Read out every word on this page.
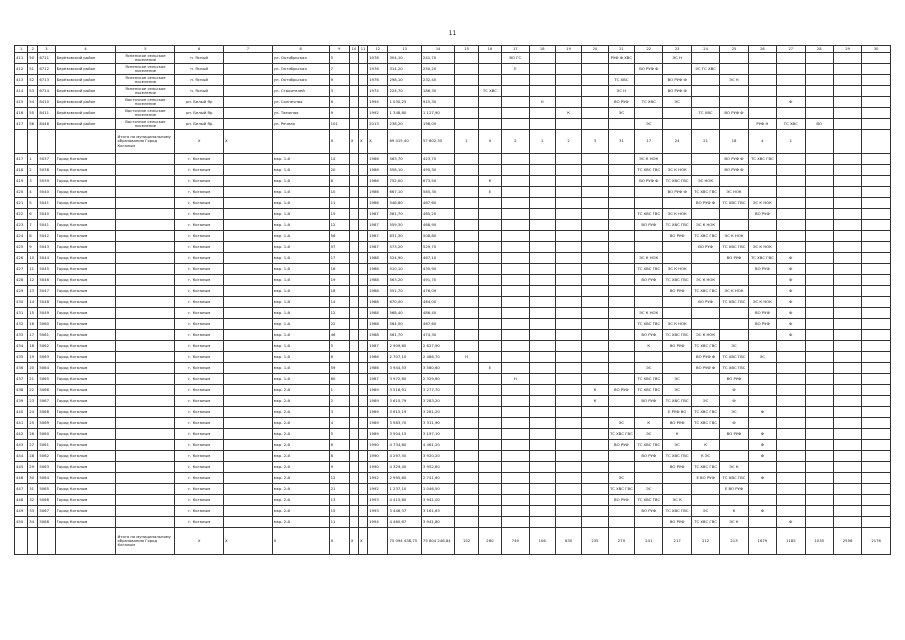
11
1	2	3	4	5	6	7	8	9	10	11	12	13	14	15	16	17	18	19	20	21	22	23	24	25	26	27	28	29	30
411	50	6711	Берёзовский район	Ясненское сельское поселение	п. Ясный		ул. Октябрьская	5			1976	304,10	241,70			ВО ГС				РУФ Ф ХВС		ЭС Н							
412	51	6712	Берёзовский район	Ясненское сельское поселение	п. Ясный		ул. Октябрьская	7			1976	314,20	250,20			Е					ВО РУФ Ф		ЭС ГС ХВС						
413	52	6713	Берёзовский район	Ясненское сельское поселение	п. Ясный		ул. Октябрьская	9			1976	298,10	232,40							ТС ХВС		ВО РУФ Ф		ЭС Н					
414	53	6714	Берёзовский район	Ясненское сельское поселение	п. Ясный		ул. Строителей	3			1974	224,70	186,30		ТС ХВС					ЭС Н		ВО РУФ Ф							
415	54	8410	Берёзовский район	Восточное сельское поселение	рп. Белый Яр		ул. Солнечная	6			1994	1 030,25	915,30				Н			ВО РУФ	ТС ХВС	ЭС				Ф			
416	55	8411	Берёзовский район	Восточное сельское поселение	рп. Белый Яр		ул. Таежная	9			1992	1 348,80	1 127,90					К		ЭС			ТС ХВС	ВО РУФ Ф					
417	56	8446	Берёзовский район	Восточное сельское поселение	рп. Белый Яр		ул. Речная	101			2013	238,20	198,00								ЭС				РУФ Н	ТС ХВС	ВО		
				Итого по муниципальному образованию Город Когалым	Х	Х		Х	Х	Х	Х	69 415,40	57 802,35	1	0	2	1	2	3	31	17	24	21	18	4	1			
417	1	5037	Город Когалым		г. Когалым		мкр. 1-й	14			1986	563,70	423,70								ЭС К НОК			ВО РУФ Ф	ТС ХВС ГВС				
418	2	5038	Город Когалым		г. Когалым		мкр. 1-й	20			1986	558,10	495,30								ТС ХВС ГВС	ЭС К НОК		ВО РУФ Ф					
419	3	5039	Город Когалым		г. Когалым		мкр. 1-й	8			1986	752,00	673,50		К						ВО РУФ Ф	ТС ХВС ГВС	ЭС НОК						
420	4	5040	Город Когалым		г. Когалым		мкр. 1-й	10			1986	667,10	585,30		Е							ВО РУФ Ф	ТС ХВС ГВС	ЭС НОК					
421	5	5041	Город Когалым		г. Когалым		мкр. 1-й	11			1986	548,80	487,60										ВО РУФ Ф	ТС ХВС ГВС	ЭС К НОК				
422	6	5040	Город Когалым		г. Когалым		мкр. 1-й	15			1987	561,70	465,20								ТС ХВС ГВС	ЭС К НОК			ВО РУФ				
423	7	5041	Город Когалым		г. Когалым		мкр. 1-й	12			1987	559,30	468,90								ВО РУФ	ТС ХВС ГВС	ЭС К НОК						
424	8	5042	Город Когалым		г. Когалым		мкр. 1-й	56			1987	631,30	508,80									ВО РУФ	ТС ХВС ГВС	ЭС К НОК					
425	9	5043	Город Когалым		г. Когалым		мкр. 1-й	57			1987	573,20	529,70										ВО РУФ	ТС ХВС ГВС	ЭС К НОК				
426	10	5044	Город Когалым		г. Когалым		мкр. 1-й	17			1988	524,90	467,10								ЭС К НОК			ВО РУФ	ТС ХВС ГВС	Ф			
427	11	5045	Город Когалым		г. Когалым		мкр. 1-й	16			1988	510,10	435,90								ТС ХВС ГВС	ЭС К НОК			ВО РУФ	Ф			
428	12	5046	Город Когалым		г. Когалым		мкр. 1-й	19			1988	563,20	491,70								ВО РУФ	ТС ХВС ГВС	ЭС К НОК			Ф			
429	13	5047	Город Когалым		г. Когалым		мкр. 1-й	18			1988	551,70	476,09									ВО РУФ	ТС ХВС ГВС	ЭС К НОК		Ф			
430	14	5048	Город Когалым		г. Когалым		мкр. 1-й	14			1988	670,00	464,00										ВО РУФ	ТС ХВС ГВС	ЭС К НОК	Ф			
431	15	5049	Город Когалым		г. Когалым		мкр. 1-й	12			1988	568,40	486,40								ЭС К НОК				ВО РУФ	Ф			
432	16	5060	Город Когалым		г. Когалым		мкр. 1-й	22			1988	564,00	467,60								ТС ХВС ГВС	ЭС К НОК			ВО РУФ	Ф			
433	17	5061	Город Когалым		г. Когалым		мкр. 1-й	46			1988	561,70	474,30								ВО РУФ	ТС ХВС ГВС	ЭС К НОК			Ф			
434	18	5062	Город Когалым		г. Когалым		мкр. 1-й	5			1987	2 909,60	2 627,90								К	ВО РУФ	ТС ХВС ГВС	ЭС					
435	19	5063	Город Когалым		г. Когалым		мкр. 1-й	6			1986	2 707,10	2 486,70	Н									ВО РУФ Ф	ТС ХВС ГВС	ЭС				
436	20	5064	Город Когалым		г. Когалым		мкр. 1-й	59			1986	3 944,53	3 580,60		Е						ЭС		ВО РУФ Ф	ТС ХВС ГВС					
437	21	5065	Город Когалым		г. Когалым		мкр. 1-й	60			1987	3 972,60	2 329,60			Н					ТС ХВС ГВС	ЭС		ВО РУФ					
438	22	5066	Город Когалым		г. Когалым		мкр. 2-й	1			1989	3 516,91	3 277,70						К	ВО РУФ	ТС ХВС ГВС	ЭС		Ф					
439	23	5067	Город Когалым		г. Когалым		мкр. 2-й	2			1989	3 615,79	3 283,20						К		ВО РУФ	ТС ХВС ГВС	ЭС	Ф					
440	24	5068	Город Когалым		г. Когалым		мкр. 2-й	3			1989	3 615,19	3 281,20									Е РУФ ВО	ТС ХВС ГВС	ЭС	Ф				
441	25	5069	Город Когалым		г. Когалым		мкр. 2-й	4			1989	3 583,70	3 311,90							ЭС	К	ВО РУФ	ТС ХВС ГВС	Ф					
442	26	5060	Город Когалым		г. Когалым		мкр. 2-й	5			1989	3 504,15	3 197,10							ТС ХВС ГВС	ЭС	К		ВО РУФ	Ф				
443	27	5061	Город Когалым		г. Когалым		мкр. 2-й	6			1990	4 734,60	4 461,20							ВО РУФ	ТС ХВС ГВС	ЭС	К		Ф				
444	28	5062	Город Когалым		г. Когалым		мкр. 2-й	8			1990	4 297,50	3 920,20								ВО РУФ	ТС ХВС ГВС	К ЭС		Ф				
445	29	5063	Город Когалым		г. Когалым		мкр. 2-й	9			1990	4 329,40	3 952,80									ВО РУФ	ТС ХВС ГВС	ЭС К					
446	30	5064	Город Когалым		г. Когалым		мкр. 2-й	12			1992	2 995,60	2 741,60							ЭС			Е ВО РУФ	ТС ХВС ГВС	Ф				
447	31	5065	Город Когалым		г. Когалым		мкр. 2-й	21			1992	1 237,10	1 046,50							ТС ХВС ГВС	ЭС			Е ВО РУФ					
448	32	5066	Город Когалым		г. Когалым		мкр. 2-й	13			1993	4 415,60	3 941,00							ВО РУФ	ТС ХВС ГВС	ЭС К							
449	33	5067	Город Когалым		г. Когалым		мкр. 2-й	15			1993	3 446,37	3 161,63								ВО РУФ	ТС ХВС ГВС	ЭС	К	Ф				
450	34	5068	Город Когалым		г. Когалым		мкр. 2-й	11			1994	4 460,67	3 941,80									ВО РУФ	ТС ХВС ГВС	ЭС К		Ф			
				Итого по муниципальному образованию Город Когалым	Х	Х	Х	Х	Х	Х		75 094 438,75	75 804 248,84	152	260	749	106	630	235	279	241	217	212	213	1679	1185	1035	2556	2176
